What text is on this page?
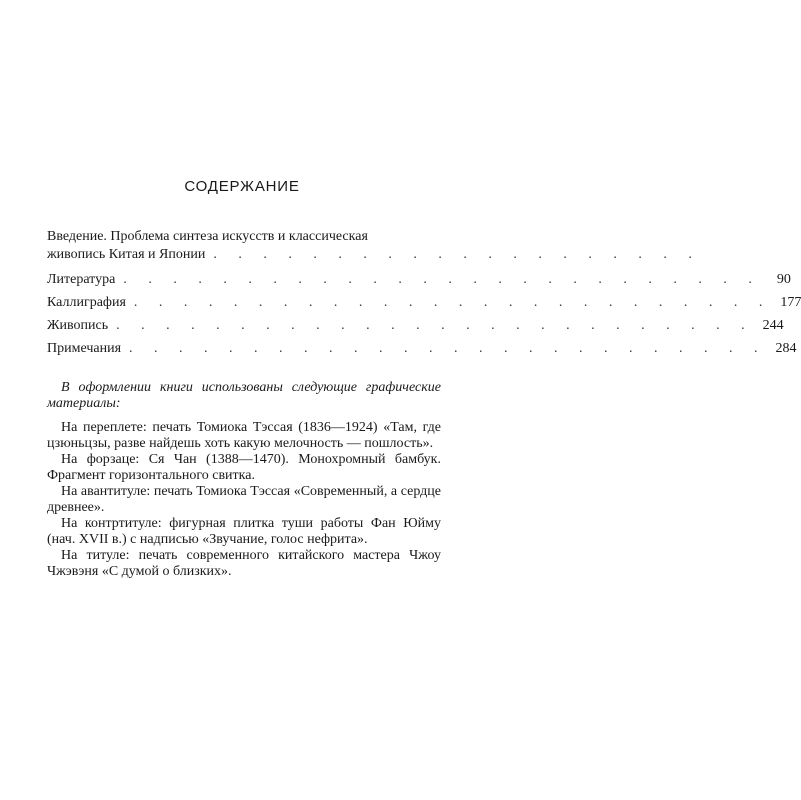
СОДЕРЖАНИЕ
Введение. Проблема синтеза искусств и классическая
живопись Китая и Японии . . . . . . . . . . . . . . . . . . . .
Литература . . . . . . . . . . . . . . . . . . . . . . . . . .	90
Каллиграфия . . . . . . . . . . . . . . . . . . . . . . . . . . 177
Живопись . . . . . . . . . . . . . . . . . . . . . . . . . . 244
Примечания . . . . . . . . . . . . . . . . . . . . . . . . . . 284

В оформлении книги использованы следующие графические материалы:

На переплете: печать Томиока Тэссая (1836—1924) «Там, где цзюньцзы, разве найдешь хоть какую мелочность — пошлость».

На форзаце: Ся Чан (1388—1470). Монохромный бамбук. Фрагмент горизонтального свитка.

На авантитуле: печать Томиока Тэссая «Современный, а сердце древнее».

На контртитуле: фигурная плитка туши работы Фан Юйму (нач. XVII в.) с надписью «Звучание, голос нефрита».

На титуле: печать современного китайского мастера Чжоу Чжэвэня «С думой о близких».
